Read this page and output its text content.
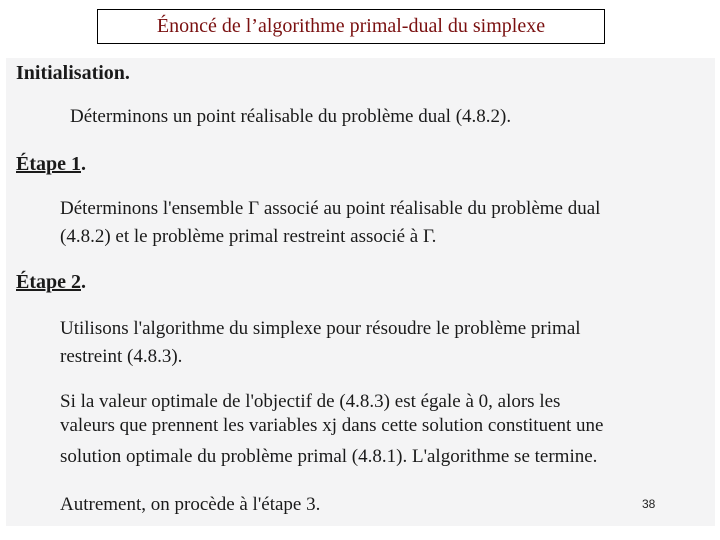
Énoncé de l’algorithme primal-dual du simplexe
Initialisation.
Déterminons un point réalisable du problème dual (4.8.2).
Étape 1.
Déterminons l'ensemble Γ associé au point réalisable du problème dual
(4.8.2) et le problème primal restreint associé à Γ.
Étape 2.
Utilisons l'algorithme du simplexe pour résoudre le problème primal
restreint (4.8.3).
Si la valeur optimale de l'objectif de (4.8.3) est égale à 0, alors les
valeurs que prennent les variables xj dans cette solution constituent une
solution optimale du problème primal (4.8.1). L'algorithme se termine.
Autrement, on procède à l'étape 3.	38
